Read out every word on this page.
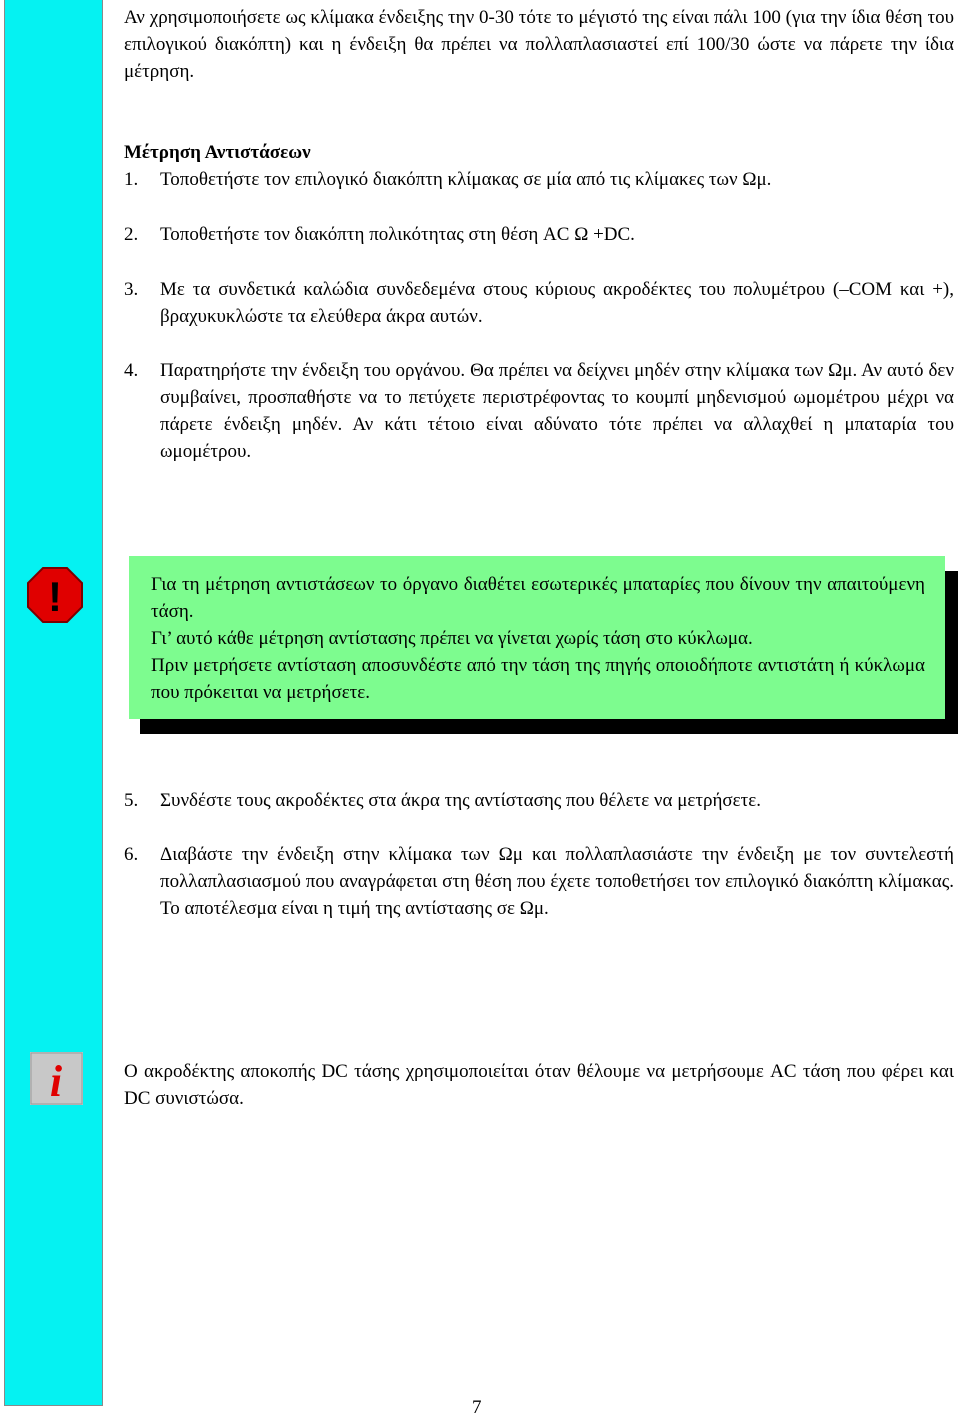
Αν χρησιμοποιήσετε ως κλίμακα ένδειξης την 0-30 τότε το μέγιστό της είναι πάλι 100 (για την ίδια θέση του επιλογικού διακόπτη) και η ένδειξη θα πρέπει να πολλαπλασιαστεί επί 100/30 ώστε να πάρετε την ίδια μέτρηση.

Μέτρηση Αντιστάσεων

1. Τοποθετήστε τον επιλογικό διακόπτη κλίμακας σε μία από τις κλίμακες των Ωμ.
2. Τοποθετήστε τον διακόπτη πολικότητας στη θέση AC Ω +DC.
3. Με τα συνδετικά καλώδια συνδεδεμένα στους κύριους ακροδέκτες του πολυμέτρου (–COM και +), βραχυκυκλώστε τα ελεύθερα άκρα αυτών.
4. Παρατηρήστε την ένδειξη του οργάνου. Θα πρέπει να δείχνει μηδέν στην κλίμακα των Ωμ. Αν αυτό δεν συμβαίνει, προσπαθήστε να το πετύχετε περιστρέφοντας το κουμπί μηδενισμού ωμομέτρου μέχρι να πάρετε ένδειξη μηδέν. Αν κάτι τέτοιο είναι αδύνατο τότε πρέπει να αλλαχθεί η μπαταρία του ωμομέτρου.
!	Για τη μέτρηση αντιστάσεων το όργανο διαθέτει εσωτερικές μπαταρίες που δίνουν την απαιτούμενη τάση.

Γι’ αυτό κάθε μέτρηση αντίστασης πρέπει να γίνεται χωρίς τάση στο κύκλωμα.

Πριν μετρήσετε αντίσταση αποσυνδέστε από την τάση της πηγής οποιοδήποτε αντιστάτη ή κύκλωμα που πρόκειται να μετρήσετε.

5. Συνδέστε τους ακροδέκτες στα άκρα της αντίστασης που θέλετε να μετρήσετε.
6. Διαβάστε την ένδειξη στην κλίμακα των Ωμ και πολλαπλασιάστε την ένδειξη με τον συντελεστή πολλαπλασιασμού που αναγράφεται στη θέση που έχετε τοποθετήσει τον επιλογικό διακόπτη κλίμακας. Το αποτέλεσμα είναι η τιμή της αντίστασης σε Ωμ.
i	Ο ακροδέκτης αποκοπής DC τάσης χρησιμοποιείται όταν θέλουμε να μετρήσουμε AC τάση που φέρει και DC συνιστώσα.

7
